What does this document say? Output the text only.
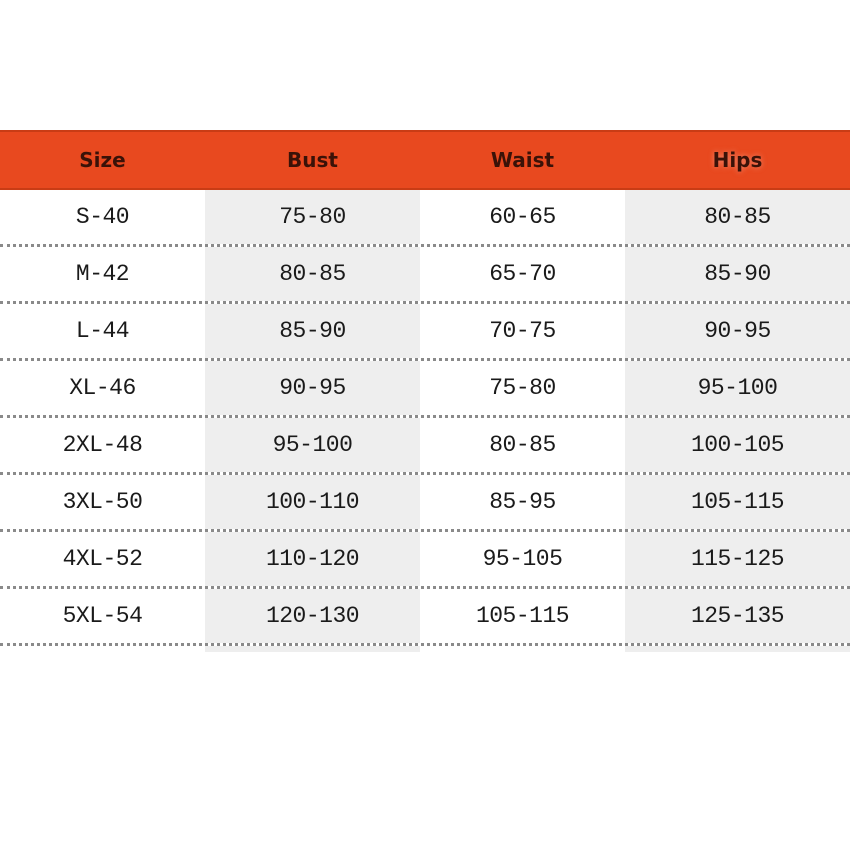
Size	Bust	Waist	Hips
S-40	75-80	60-65	80-85
M-42	80-85	65-70	85-90
L-44	85-90	70-75	90-95
XL-46	90-95	75-80	95-100
2XL-48	95-100	80-85	100-105
3XL-50	100-110	85-95	105-115
4XL-52	110-120	95-105	115-125
5XL-54	120-130	105-115	125-135
